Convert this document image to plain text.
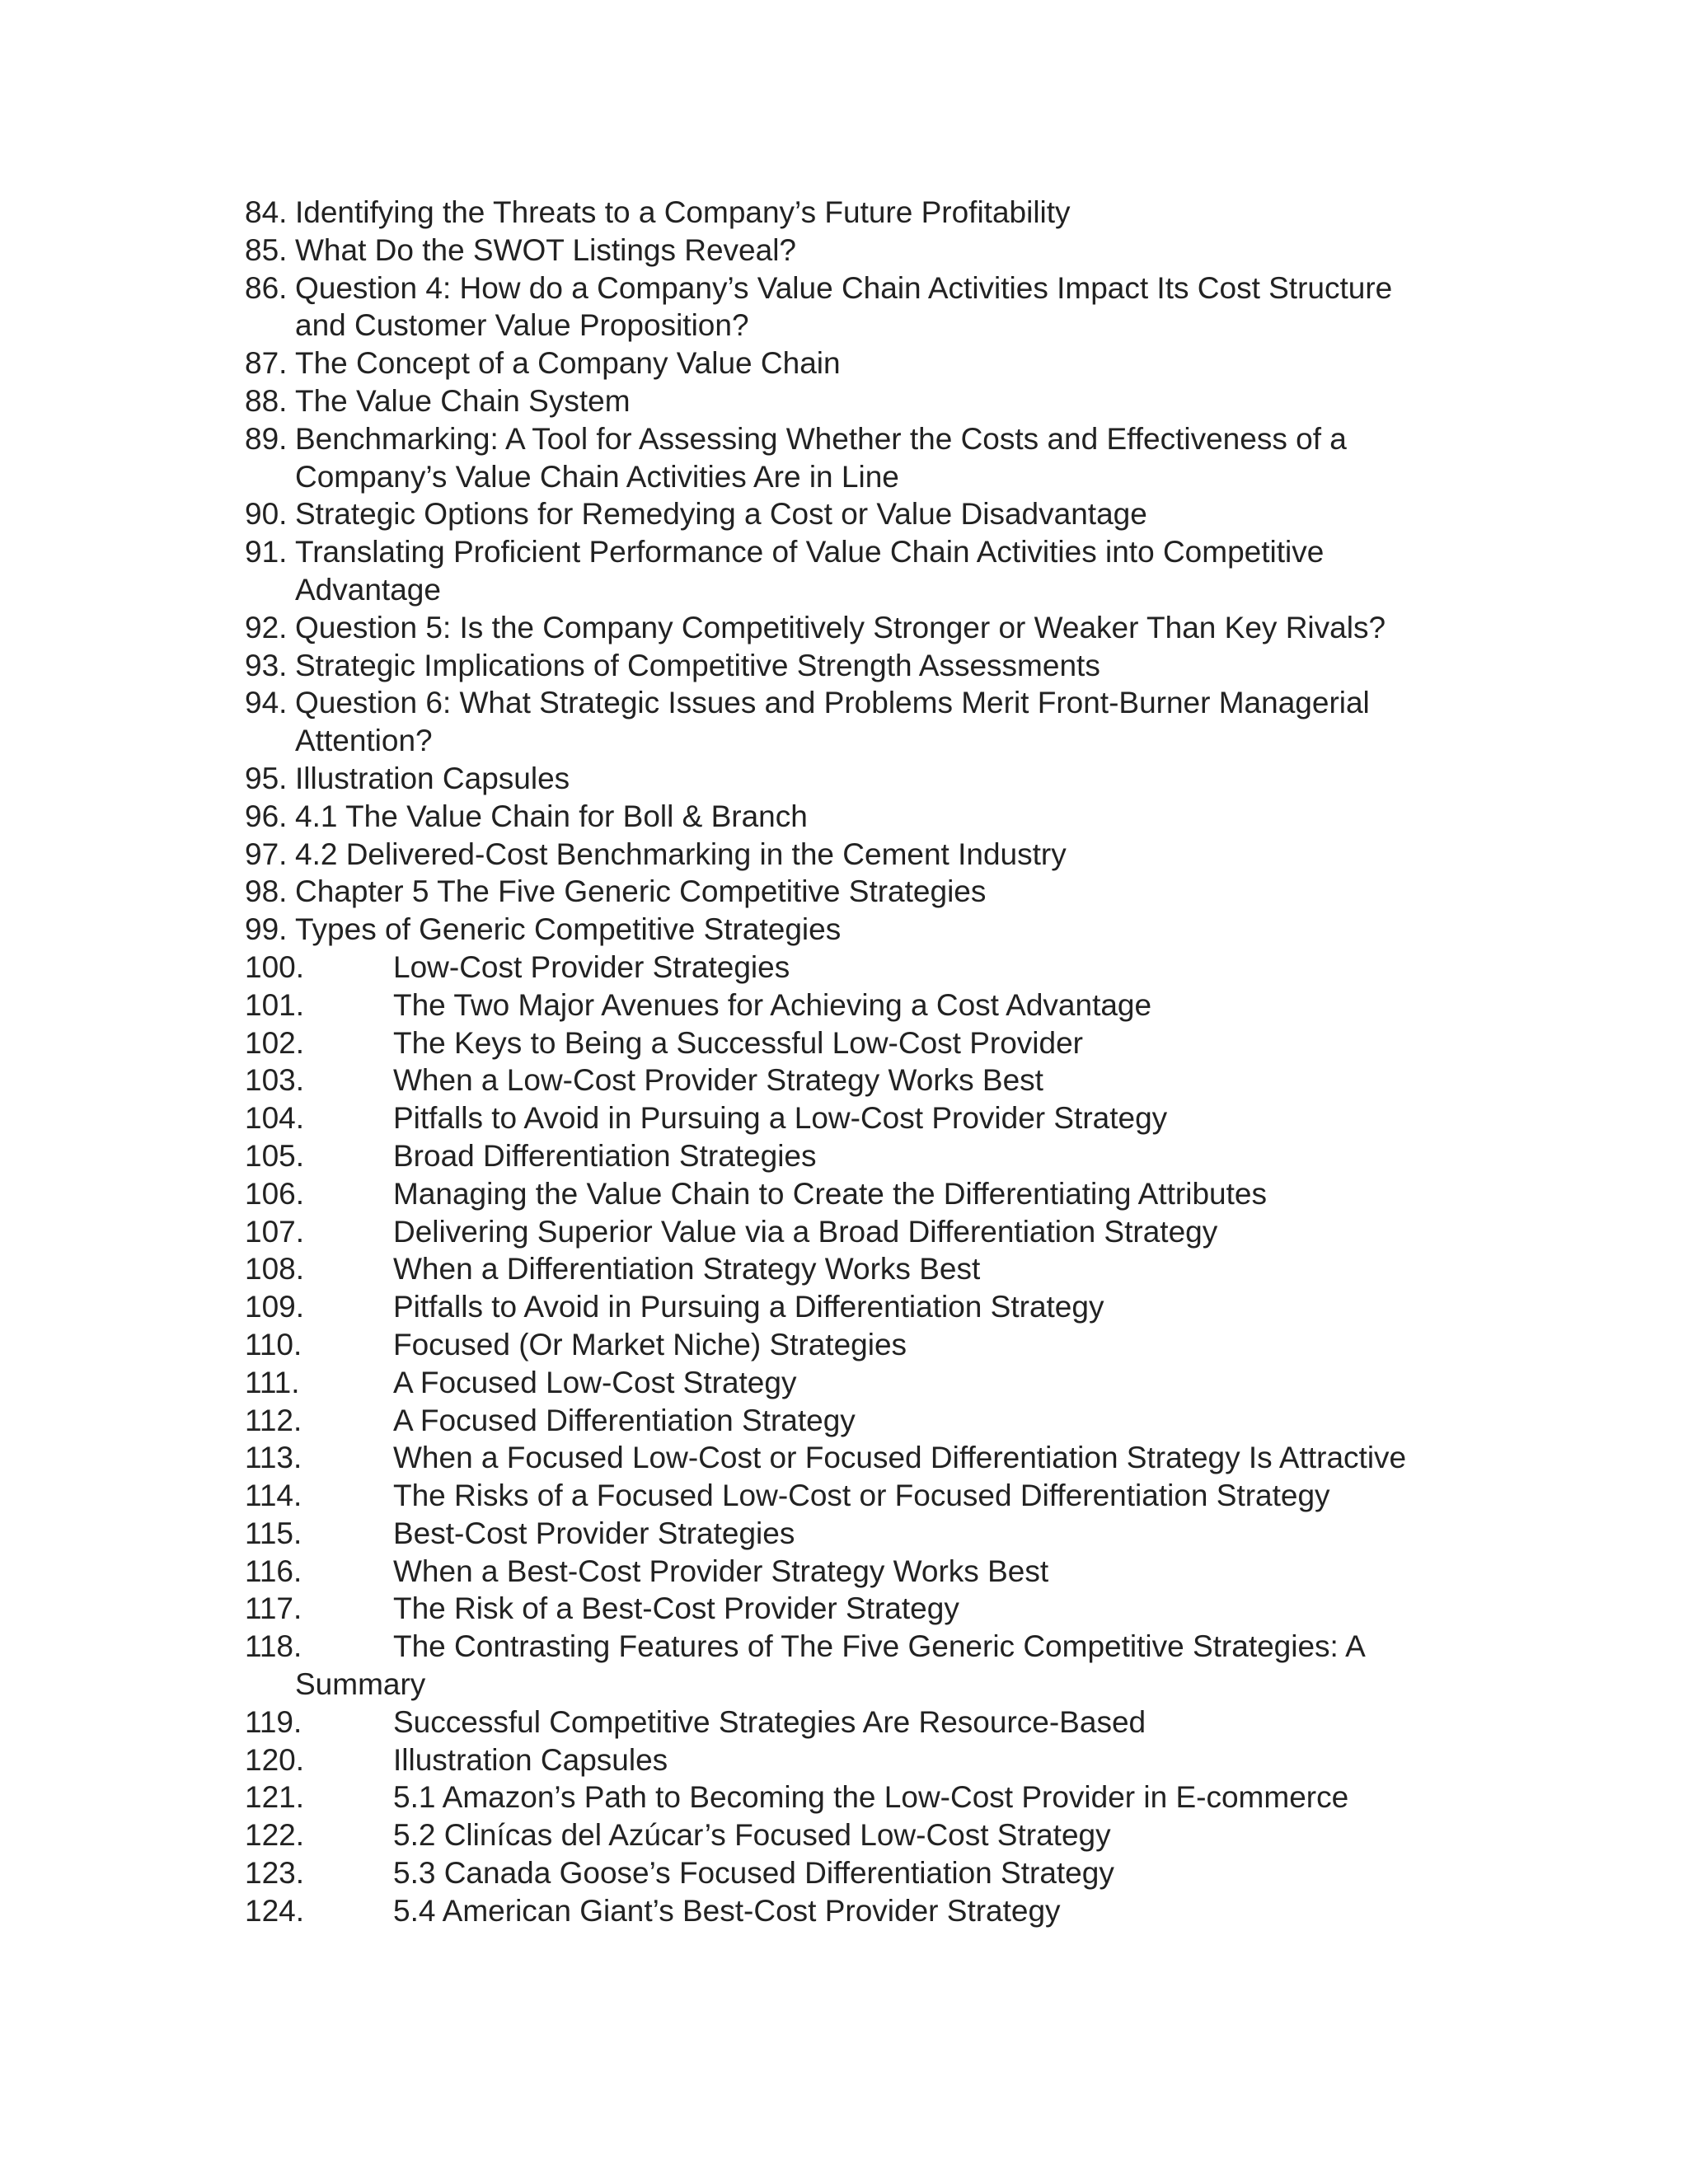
84. Identifying the Threats to a Company’s Future Profitability
85. What Do the SWOT Listings Reveal?
86. Question 4: How do a Company’s Value Chain Activities Impact Its Cost Structure and Customer Value Proposition?
87. The Concept of a Company Value Chain
88. The Value Chain System
89. Benchmarking: A Tool for Assessing Whether the Costs and Effectiveness of a Company’s Value Chain Activities Are in Line
90. Strategic Options for Remedying a Cost or Value Disadvantage
91. Translating Proficient Performance of Value Chain Activities into Competitive Advantage
92. Question 5: Is the Company Competitively Stronger or Weaker Than Key Rivals?
93. Strategic Implications of Competitive Strength Assessments
94. Question 6: What Strategic Issues and Problems Merit Front-Burner Managerial Attention?
95. Illustration Capsules
96. 4.1 The Value Chain for Boll & Branch
97. 4.2 Delivered-Cost Benchmarking in the Cement Industry
98. Chapter 5 The Five Generic Competitive Strategies
99. Types of Generic Competitive Strategies
100.	Low-Cost Provider Strategies
101.	The Two Major Avenues for Achieving a Cost Advantage
102.	The Keys to Being a Successful Low-Cost Provider
103.	When a Low-Cost Provider Strategy Works Best
104.	Pitfalls to Avoid in Pursuing a Low-Cost Provider Strategy
105.	Broad Differentiation Strategies
106.	Managing the Value Chain to Create the Differentiating Attributes
107.	Delivering Superior Value via a Broad Differentiation Strategy
108.	When a Differentiation Strategy Works Best
109.	Pitfalls to Avoid in Pursuing a Differentiation Strategy
110.	Focused (Or Market Niche) Strategies
111.	A Focused Low-Cost Strategy
112.	A Focused Differentiation Strategy
113.	When a Focused Low-Cost or Focused Differentiation Strategy Is Attractive
114.	The Risks of a Focused Low-Cost or Focused Differentiation Strategy
115.	Best-Cost Provider Strategies
116.	When a Best-Cost Provider Strategy Works Best
117.	The Risk of a Best-Cost Provider Strategy
118.	The Contrasting Features of The Five Generic Competitive Strategies: A Summary
119.	Successful Competitive Strategies Are Resource-Based
120.	Illustration Capsules
121.	5.1 Amazon’s Path to Becoming the Low-Cost Provider in E-commerce
122.	5.2 Clinícas del Azúcar’s Focused Low-Cost Strategy
123.	5.3 Canada Goose’s Focused Differentiation Strategy
124.	5.4 American Giant’s Best-Cost Provider Strategy
